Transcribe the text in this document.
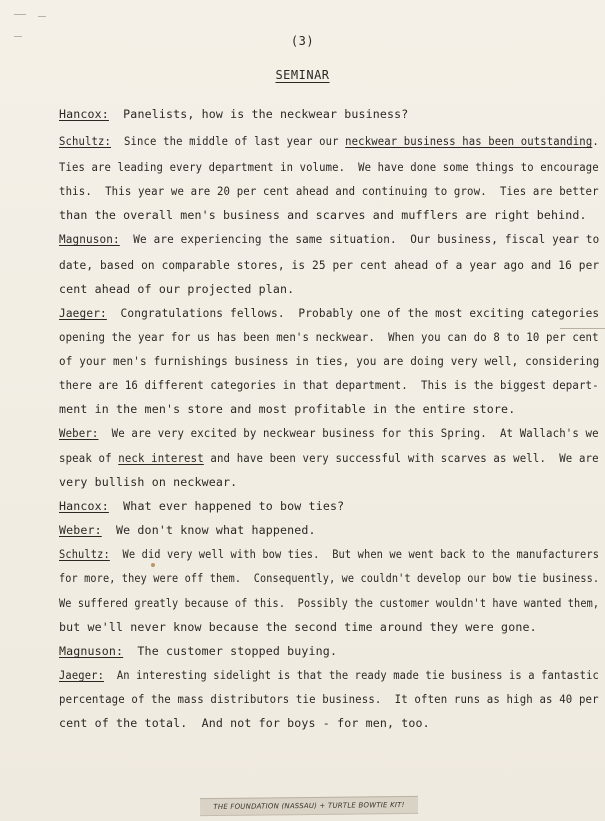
(3)
SEMINAR
Hancox:  Panelists, how is the neckwear business?
Schultz:  Since the middle of last year our neckwear business has been outstanding.
Ties are leading every department in volume.  We have done some things to encourage
this.  This year we are 20 per cent ahead and continuing to grow.  Ties are better
than the overall men's business and scarves and mufflers are right behind.
Magnuson:  We are experiencing the same situation.  Our business, fiscal year to
date, based on comparable stores, is 25 per cent ahead of a year ago and 16 per
cent ahead of our projected plan.
Jaeger:  Congratulations fellows.  Probably one of the most exciting categories
opening the year for us has been men's neckwear.  When you can do 8 to 10 per cent
of your men's furnishings business in ties, you are doing very well, considering
there are 16 different categories in that department.  This is the biggest depart-
ment in the men's store and most profitable in the entire store.
Weber:  We are very excited by neckwear business for this Spring.  At Wallach's we
speak of neck interest and have been very successful with scarves as well.  We are
very bullish on neckwear.
Hancox:  What ever happened to bow ties?
Weber:  We don't know what happened.
Schultz:  We did very well with bow ties.  But when we went back to the manufacturers
for more, they were off them.  Consequently, we couldn't develop our bow tie business.
We suffered greatly because of this.  Possibly the customer wouldn't have wanted them,
but we'll never know because the second time around they were gone.
Magnuson:  The customer stopped buying.
Jaeger:  An interesting sidelight is that the ready made tie business is a fantastic
percentage of the mass distributors tie business.  It often runs as high as 40 per
cent of the total.  And not for boys - for men, too.
THE FOUNDATION (NASSAU) + TURTLE BOWTIE KIT!
